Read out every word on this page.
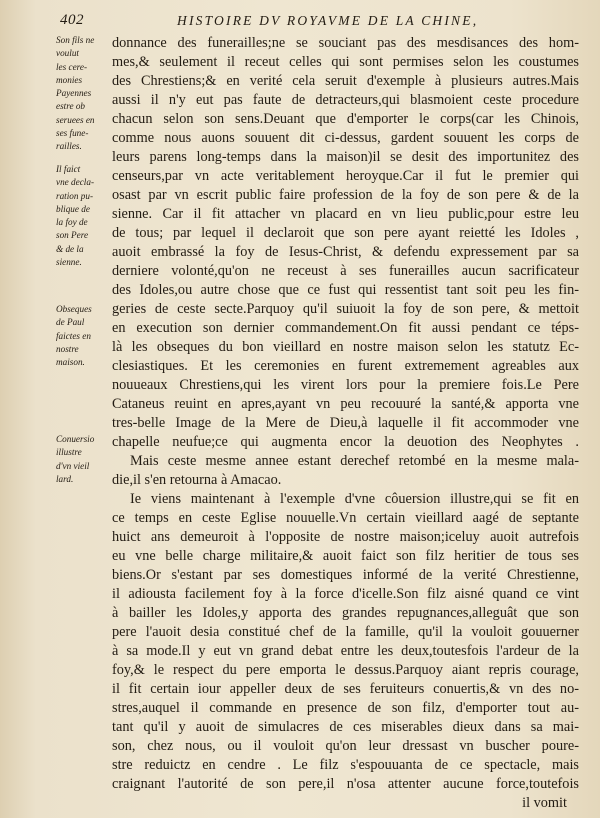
402	HISTOIRE DV ROYAVME DE LA CHINE,
Son fils ne
voulut
les cere-
monies
Payennes
estre ob
seruees en
ses fune-
railles.
Il faict
vne decla-
ration pu-
blique de
la foy de
son Pere
& de la
sienne.
Obseques
de Paul
faictes en
nostre
maison.
Conuersio
illustre
d'vn vieil
lard.
donnance des funerailles;ne se souciant pas des mesdisances des hom-
mes,& seulement il receut celles qui sont permises selon les coustumes
des Chrestiens;& en verité cela seruit d'exemple à plusieurs autres.Mais
aussi il n'y eut pas faute de detracteurs,qui blasmoient ceste procedure
chacun selon son sens.Deuant que d'emporter le corps(car les Chinois,
comme nous auons souuent dit ci-dessus, gardent souuent les corps de
leurs parens long-temps dans la maison)il se desit des importunitez des
censeurs,par vn acte veritablement heroyque.Car il fut le premier qui
osast par vn escrit public faire profession de la foy de son pere & de la
sienne. Car il fit attacher vn placard en vn lieu public,pour estre leu
de tous; par lequel il declaroit que son pere ayant reietté les Idoles ,
auoit embrassé la foy de Iesus-Christ, & defendu expressement par sa
derniere volonté,qu'on ne receust à ses funerailles aucun sacrificateur
des Idoles,ou autre chose que ce fust qui ressentist tant soit peu les fin-
geries de ceste secte.Parquoy qu'il suiuoit la foy de son pere, & mettoit
en execution son dernier commandement.On fit aussi pendant ce téps-
là les obseques du bon vieillard en nostre maison selon les statutz Ec-
clesiastiques. Et les ceremonies en furent extremement agreables aux
nouueaux Chrestiens,qui les virent lors pour la premiere fois.Le Pere
Cataneus reuint en apres,ayant vn peu recouuré la santé,& apporta vne
tres-belle Image de la Mere de Dieu,à laquelle il fit accommoder vne
chapelle neufue;ce qui augmenta encor la deuotion des Neophytes .
Mais ceste mesme annee estant derechef retombé en la mesme mala-
die,il s'en retourna à Amacao.
Ie viens maintenant à l'exemple d'vne côuersion illustre,qui se fit en
ce temps en ceste Eglise nouuelle.Vn certain vieillard aagé de septante
huict ans demeuroit à l'opposite de nostre maison;iceluy auoit autrefois
eu vne belle charge militaire,& auoit faict son filz heritier de tous ses
biens.Or s'estant par ses domestiques informé de la verité Chrestienne,
il adiousta facilement foy à la force d'icelle.Son filz aisné quand ce vint
à bailler les Idoles,y apporta des grandes repugnances,alleguât que son
pere l'auoit desia constitué chef de la famille, qu'il la vouloit gouuerner
à sa mode.Il y eut vn grand debat entre les deux,toutesfois l'ardeur de la
foy,& le respect du pere emporta le dessus.Parquoy aiant repris courage,
il fit certain iour appeller deux de ses feruiteurs conuertis,& vn des no-
stres,auquel il commande en presence de son filz, d'emporter tout au-
tant qu'il y auoit de simulacres de ces miserables dieux dans sa mai-
son, chez nous, ou il vouloit qu'on leur dressast vn buscher poure-
stre reduictz en cendre . Le filz s'espouuanta de ce spectacle, mais
craignant l'autorité de son pere,il n'osa attenter aucune force,toutefois
il vomit
